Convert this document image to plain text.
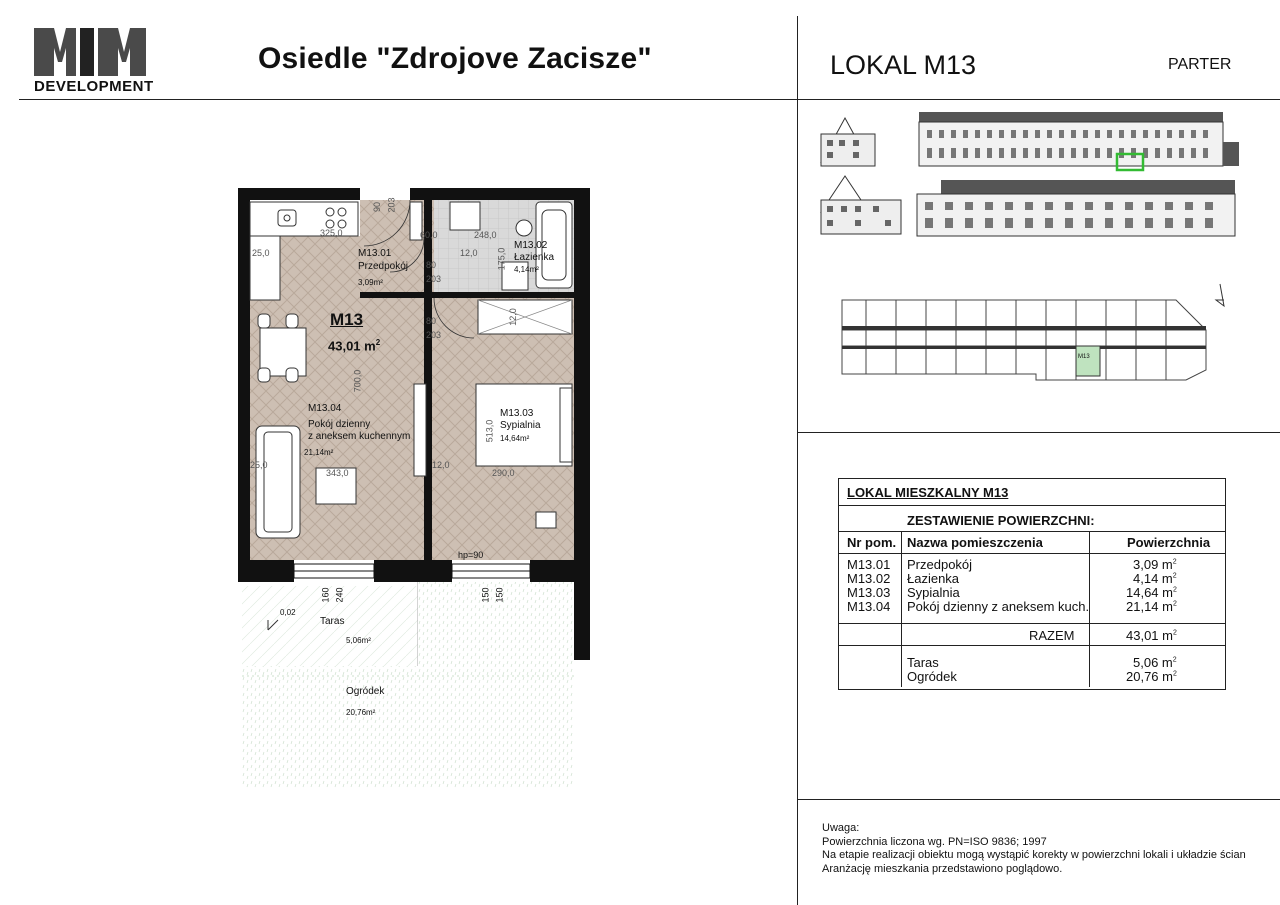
DEVELOPMENT
Osiedle "Zdrojove Zacisze"	LOKAL M13	PARTER
M13.01
Przedpokój
3,09m²
M13.02
Łazienka
4,14m²
M13.03
Sypialnia
14,64m²
M13.04
Pokój dzienny
z aneksem kuchennym
21,14m²
M13
43,01 $m^2$
Taras
5,06m²
0,02
Ogródek
20,76m²
325,0
25,0
90 203
60,0	248,0
12,0 175,0
80
203
80
203
12,0
700,0
513,0
25,0
343,0
12,0
290,0
hp=90
160 240	150 150
M13
LOKAL MIESZKALNY M13
ZESTAWIENIE POWIERZCHNI:
Nr pom. Nazwa pomieszczenia	Powierzchnia
M13.01 Przedpokój	3,09 $m^2$
M13.02 Łazienka	4,14 $m^2$
M13.03 Sypialnia	14,64 $m^2$
M13.04 Pokój dzienny z aneksem kuch.	21,14 $m^2$
RAZEM	43,01 $m^2$
Taras	5,06 $m^2$
Ogródek	20,76 $m^2$
Uwaga:
Powierzchnia liczona wg. PN=ISO 9836; 1997
Na etapie realizacji obiektu mogą wystąpić korekty w powierzchni lokali i układzie ścian
Aranżację mieszkania przedstawiono poglądowo.
